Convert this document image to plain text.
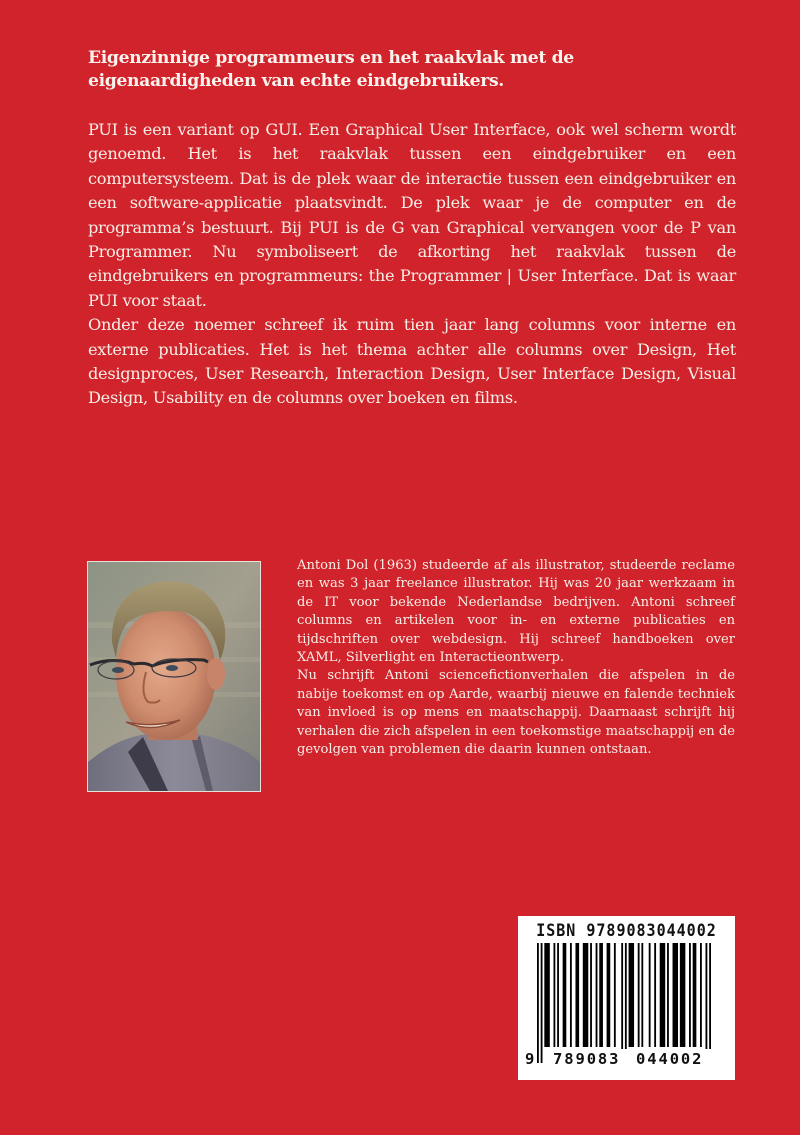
Eigenzinnige programmeurs en het raakvlak met de eigenaardigheden van echte eindgebruikers.

PUI is een variant op GUI. Een Graphical User Interface, ook wel scherm wordt genoemd. Het is het raakvlak tussen een eindgebruiker en een computersysteem. Dat is de plek waar de interactie tussen een eindgebruiker en een software-applicatie plaatsvindt. De plek waar je de computer en de programma’s bestuurt. Bij PUI is de G van Graphical vervangen voor de P van Programmer. Nu symboliseert de afkorting het raakvlak tussen de eindgebruikers en programmeurs: the Programmer | User Interface. Dat is waar PUI voor staat.

Onder deze noemer schreef ik ruim tien jaar lang columns voor interne en externe publicaties. Het is het thema achter alle columns over Design, Het designproces, User Research, Interaction Design, User Interface Design, Visual Design, Usability en de columns over boeken en films.

Antoni Dol (1963) studeerde af als illustrator, studeerde reclame en was 3 jaar freelance illustrator. Hij was 20 jaar werkzaam in de IT voor bekende Nederlandse bedrijven. Antoni schreef columns en artikelen voor in- en externe publicaties en tijdschriften over webdesign. Hij schreef handboeken over XAML, Silverlight en Interactieontwerp.

Nu schrijft Antoni sciencefictionverhalen die afspelen in de nabije toekomst en op Aarde, waarbij nieuwe en falende techniek van invloed is op mens en maatschappij. Daarnaast schrijft hij verhalen die zich afspelen in een toekomstige maatschappij en de gevolgen van problemen die daarin kunnen ontstaan.

ISBN 9789083044002
9 789083	044002
